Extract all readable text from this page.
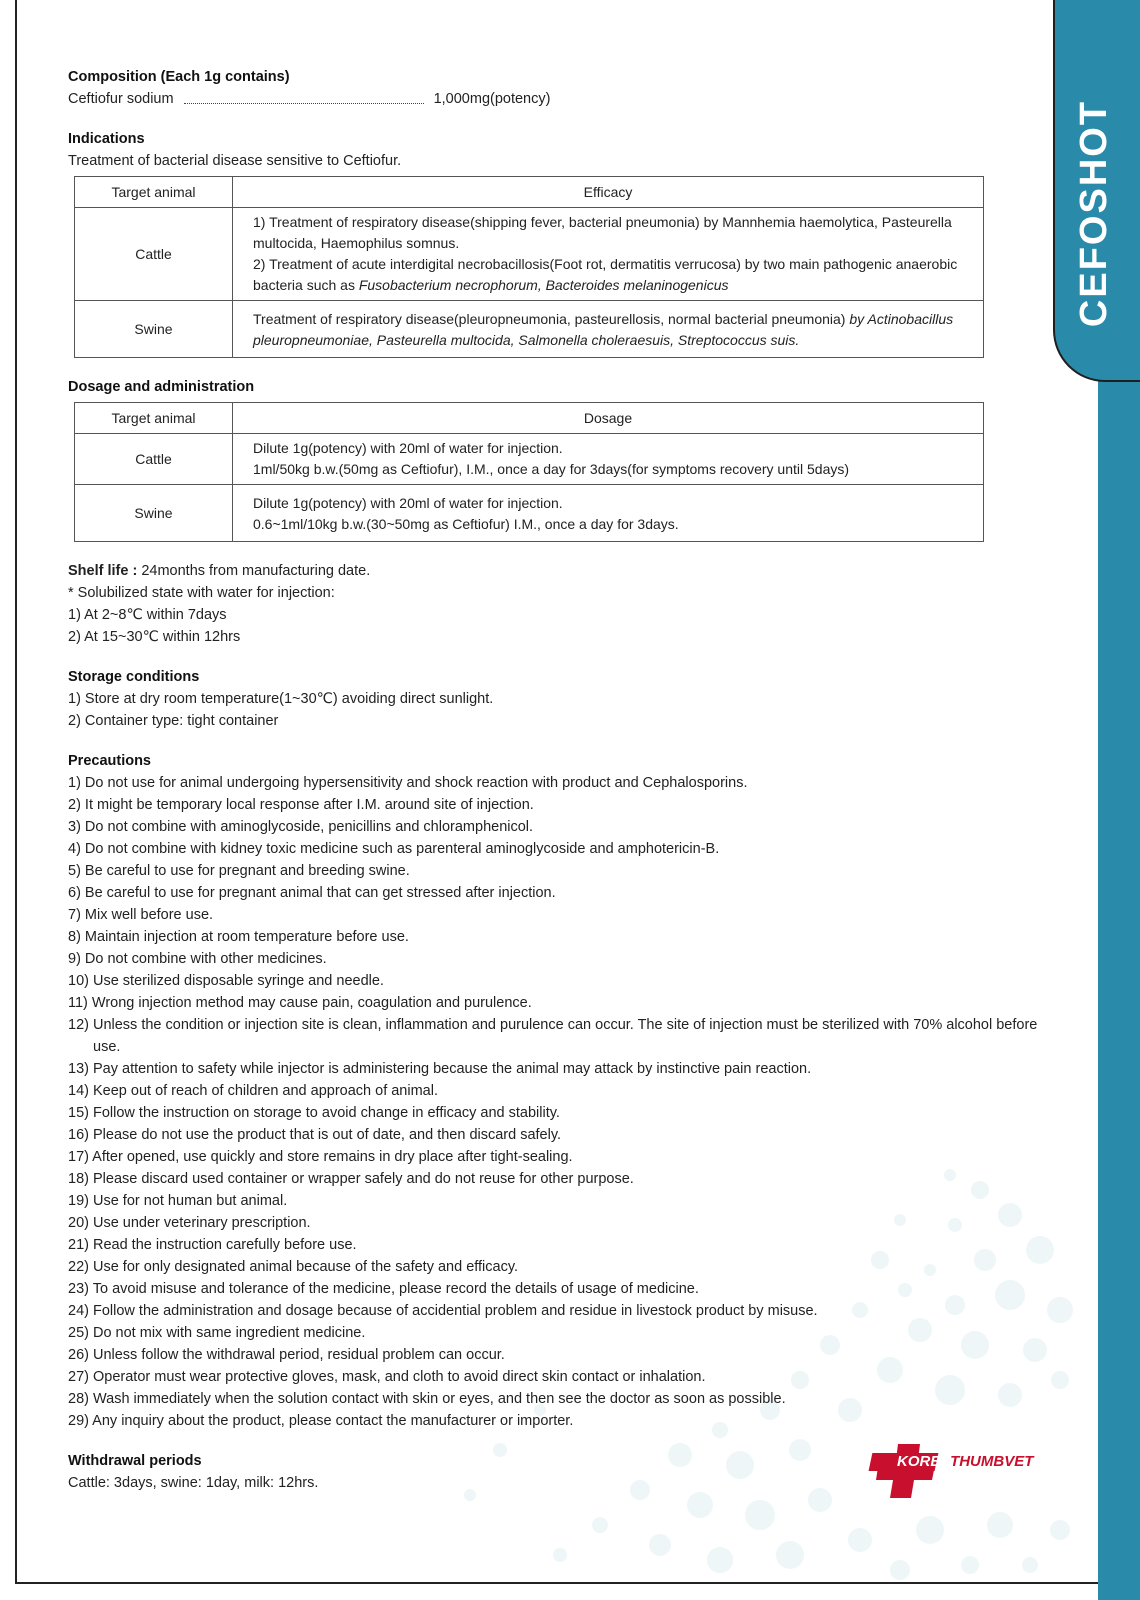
CEFOSHOT
Composition (Each 1g contains)
Ceftiofur sodium	1,000mg(potency)
Indications

Treatment of bacterial disease sensitive to Ceftiofur.

Target animal	Efficacy
Cattle	1) Treatment of respiratory disease(shipping fever, bacterial pneumonia) by Mannhemia haemolytica, Pasteurella multocida, Haemophilus somnus.

2) Treatment of acute interdigital necrobacillosis(Foot rot, dermatitis verrucosa) by two main pathogenic anaerobic bacteria such as Fusobacterium necrophorum, Bacteroides melaninogenicus

Swine	Treatment of respiratory disease(pleuropneumonia, pasteurellosis, normal bacterial pneumonia) by Actinobacillus pleuropneumoniae, Pasteurella multocida, Salmonella choleraesuis, Streptococcus suis.
Dosage and administration
Target animal	Dosage
Cattle	Dilute 1g(potency) with 20ml of water for injection.

1ml/50kg b.w.(50mg as Ceftiofur), I.M., once a day for 3days(for symptoms recovery until 5days)

Swine	Dilute 1g(potency) with 20ml of water for injection.

0.6~1ml/10kg b.w.(30~50mg as Ceftiofur) I.M., once a day for 3days.

Shelf life : 24months from manufacturing date.

* Solubilized state with water for injection:

1) At 2~8℃ within 7days

2) At 15~30℃ within 12hrs

Storage conditions

1) Store at dry room temperature(1~30℃) avoiding direct sunlight.

2) Container type: tight container

Precautions
1) Do not use for animal undergoing hypersensitivity and shock reaction with product and Cephalosporins.
2) It might be temporary local response after I.M. around site of injection.
3) Do not combine with aminoglycoside, penicillins and chloramphenicol.
4) Do not combine with kidney toxic medicine such as parenteral aminoglycoside and amphotericin-B.
5) Be careful to use for pregnant and breeding swine.
6) Be careful to use for pregnant animal that can get stressed after injection.
7) Mix well before use.
8) Maintain injection at room temperature before use.
9) Do not combine with other medicines.
10) Use sterilized disposable syringe and needle.
11) Wrong injection method may cause pain, coagulation and purulence.
12) Unless the condition or injection site is clean, inflammation and purulence can occur. The site of injection must be sterilized with 70% alcohol before use.
13) Pay attention to safety while injector is administering because the animal may attack by instinctive pain reaction.
14) Keep out of reach of children and approach of animal.
15) Follow the instruction on storage to avoid change in efficacy and stability.
16) Please do not use the product that is out of date, and then discard safely.
17) After opened, use quickly and store remains in dry place after tight-sealing.
18) Please discard used container or wrapper safely and do not reuse for other purpose.
19) Use for not human but animal.
20) Use under veterinary prescription.
21) Read the instruction carefully before use.
22) Use for only designated animal because of the safety and efficacy.
23) To avoid misuse and tolerance of the medicine, please record the details of usage of medicine.
24) Follow the administration and dosage because of accidential problem and residue in livestock product by misuse.
25) Do not mix with same ingredient medicine.
26) Unless follow the withdrawal period, residual problem can occur.
27) Operator must wear protective gloves, mask, and cloth to avoid direct skin contact or inhalation.
28) Wash immediately when the solution contact with skin or eyes, and then see the doctor as soon as possible.
29) Any inquiry about the product, please contact the manufacturer or importer.
Withdrawal periods

Cattle: 3days, swine: 1day, milk: 12hrs.

KOREATHUMBVET
